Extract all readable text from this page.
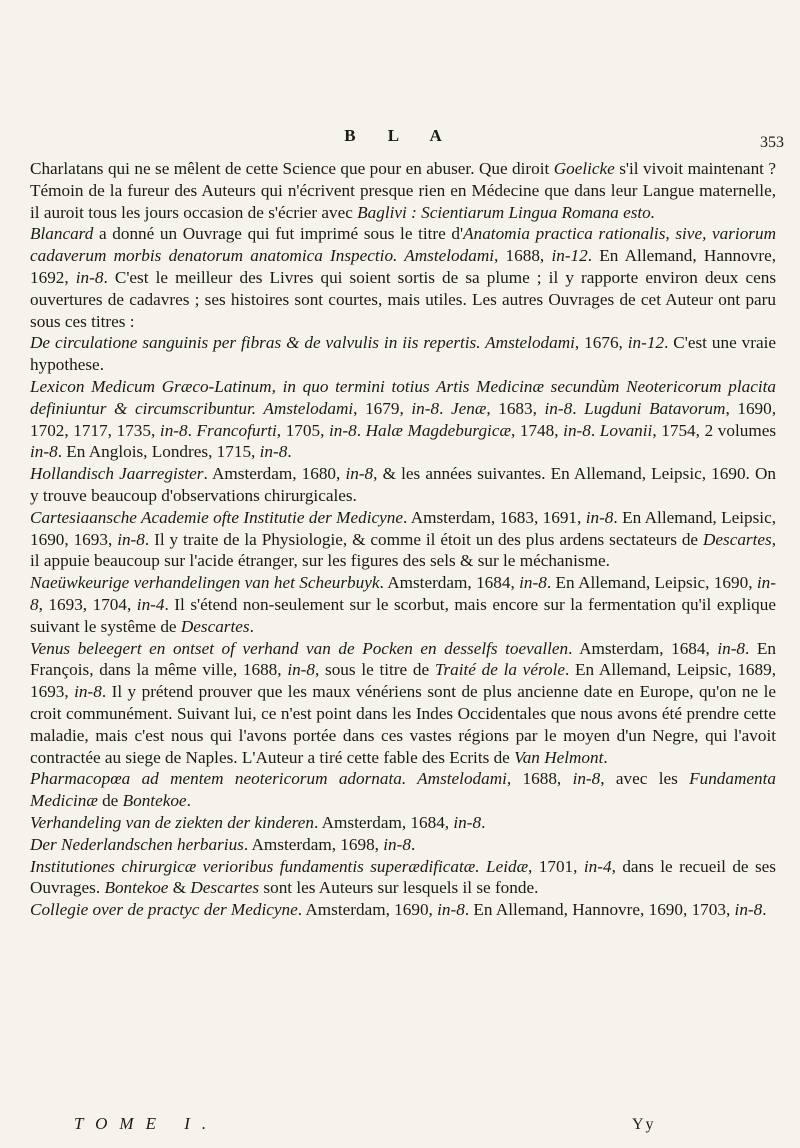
B L A	353

Charlatans qui ne se mêlent de cette Science que pour en abuser. Que diroit Goelicke s'il vivoit maintenant ? Témoin de la fureur des Auteurs qui n'écrivent presque rien en Médecine que dans leur Langue maternelle, il auroit tous les jours occasion de s'écrier avec Baglivi : Scientiarum Lingua Romana esto.

Blancard a donné un Ouvrage qui fut imprimé sous le titre d'Anatomia practica rationalis, sive, variorum cadaverum morbis denatorum anatomica Inspectio. Amstelodami, 1688, in-12. En Allemand, Hannovre, 1692, in-8. C'est le meilleur des Livres qui soient sortis de sa plume ; il y rapporte environ deux cens ouvertures de cadavres ; ses histoires sont courtes, mais utiles. Les autres Ouvrages de cet Auteur ont paru sous ces titres :

De circulatione sanguinis per fibras & de valvulis in iis repertis. Amstelodami, 1676, in-12. C'est une vraie hypothese.

Lexicon Medicum Græco-Latinum, in quo termini totius Artis Medicinæ secundùm Neotericorum placita definiuntur & circumscribuntur. Amstelodami, 1679, in-8. Jenæ, 1683, in-8. Lugduni Batavorum, 1690, 1702, 1717, 1735, in-8. Francofurti, 1705, in-8. Halæ Magdeburgicæ, 1748, in-8. Lovanii, 1754, 2 volumes in-8. En Anglois, Londres, 1715, in-8.

Hollandisch Jaarregister. Amsterdam, 1680, in-8, & les années suivantes. En Allemand, Leipsic, 1690. On y trouve beaucoup d'observations chirurgicales.

Cartesiaansche Academie ofte Institutie der Medicyne. Amsterdam, 1683, 1691, in-8. En Allemand, Leipsic, 1690, 1693, in-8. Il y traite de la Physiologie, & comme il étoit un des plus ardens sectateurs de Descartes, il appuie beaucoup sur l'acide étranger, sur les figures des sels & sur le méchanisme.

Naeüwkeurige verhandelingen van het Scheurbuyk. Amsterdam, 1684, in-8. En Allemand, Leipsic, 1690, in-8, 1693, 1704, in-4. Il s'étend non-seulement sur le scorbut, mais encore sur la fermentation qu'il explique suivant le systême de Descartes.

Venus beleegert en ontset of verhand van de Pocken en desselfs toevallen. Amsterdam, 1684, in-8. En François, dans la même ville, 1688, in-8, sous le titre de Traité de la vérole. En Allemand, Leipsic, 1689, 1693, in-8. Il y prétend prouver que les maux vénériens sont de plus ancienne date en Europe, qu'on ne le croit communément. Suivant lui, ce n'est point dans les Indes Occidentales que nous avons été prendre cette maladie, mais c'est nous qui l'avons portée dans ces vastes régions par le moyen d'un Negre, qui l'avoit contractée au siege de Naples. L'Auteur a tiré cette fable des Ecrits de Van Helmont.

Pharmacopœa ad mentem neotericorum adornata. Amstelodami, 1688, in-8, avec les Fundamenta Medicinæ de Bontekoe.

Verhandeling van de ziekten der kinderen. Amsterdam, 1684, in-8.

Der Nederlandschen herbarius. Amsterdam, 1698, in-8.

Institutiones chirurgicæ verioribus fundamentis superædificatæ. Leidæ, 1701, in-4, dans le recueil de ses Ouvrages. Bontekoe & Descartes sont les Auteurs sur lesquels il se fonde.

Collegie over de practyc der Medicyne. Amsterdam, 1690, in-8. En Allemand, Hannovre, 1690, 1703, in-8.

TOME I.	Yy
